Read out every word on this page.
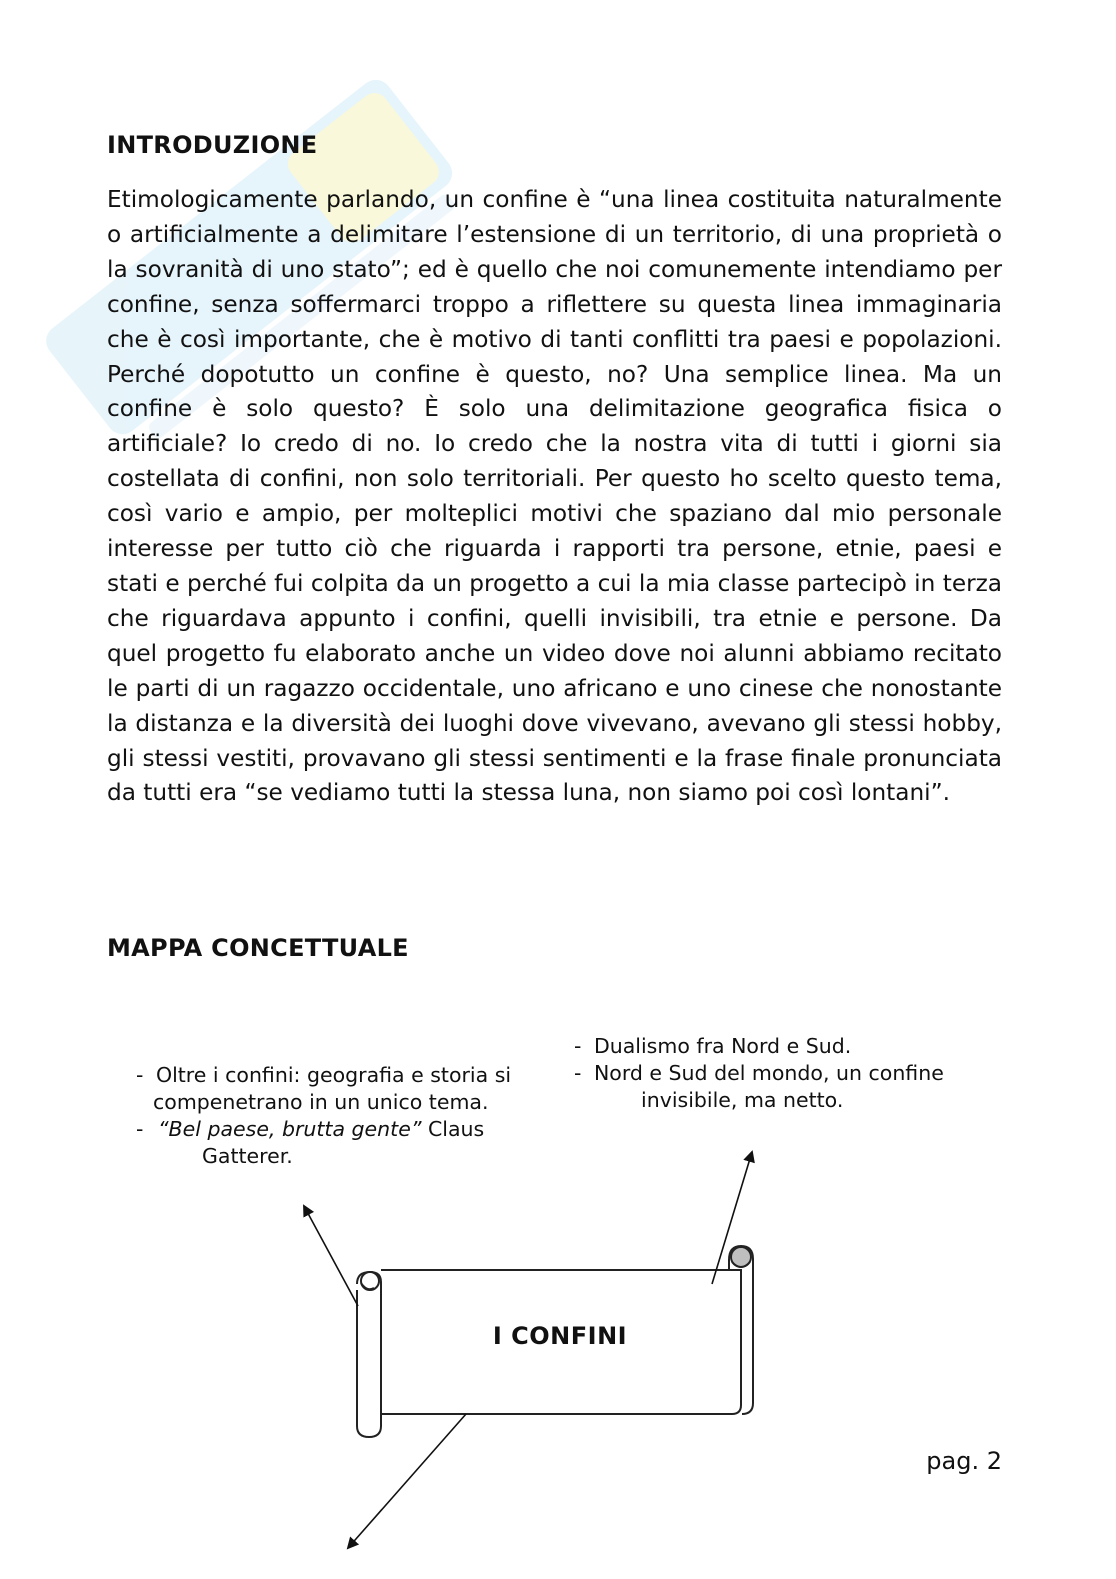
INTRODUZIONE

Etimologicamente parlando, un confine è “una linea costituita naturalmente o artificialmente a delimitare l’estensione di un territorio, di una proprietà o la sovranità di uno stato”; ed è quello che noi comunemente intendiamo per confine, senza soffermarci troppo a riflettere su questa linea immaginaria che è così importante, che è motivo di tanti conflitti tra paesi e popolazioni. Perché dopotutto un confine è questo, no? Una semplice linea. Ma un confine è solo questo? È solo una delimitazione geografica fisica o artificiale? Io credo di no. Io credo che la nostra vita di tutti i giorni sia costellata di confini, non solo territoriali. Per questo ho scelto questo tema, così vario e ampio, per molteplici motivi che spaziano dal mio personale interesse per tutto ciò che riguarda i rapporti tra persone, etnie, paesi e stati e perché fui colpita da un progetto a cui la mia classe partecipò in terza che riguardava appunto i confini, quelli invisibili, tra etnie e persone. Da quel progetto fu elaborato anche un video dove noi alunni abbiamo recitato le parti di un ragazzo occidentale, uno africano e uno cinese che nonostante la distanza e la diversità dei luoghi dove vivevano, avevano gli stessi hobby, gli stessi vestiti, provavano gli stessi sentimenti e la frase finale pronunciata da tutti era “se vediamo tutti la stessa luna, non siamo poi così lontani”.

MAPPA CONCETTUALE
- Oltre i confini: geografia e storia si
compenetrano in un unico tema.
- “Bel paese, brutta gente” Claus
Gatterer.
- Dualismo fra Nord e Sud.
- Nord e Sud del mondo, un confine
invisibile, ma netto.
I CONFINI
pag. 2
